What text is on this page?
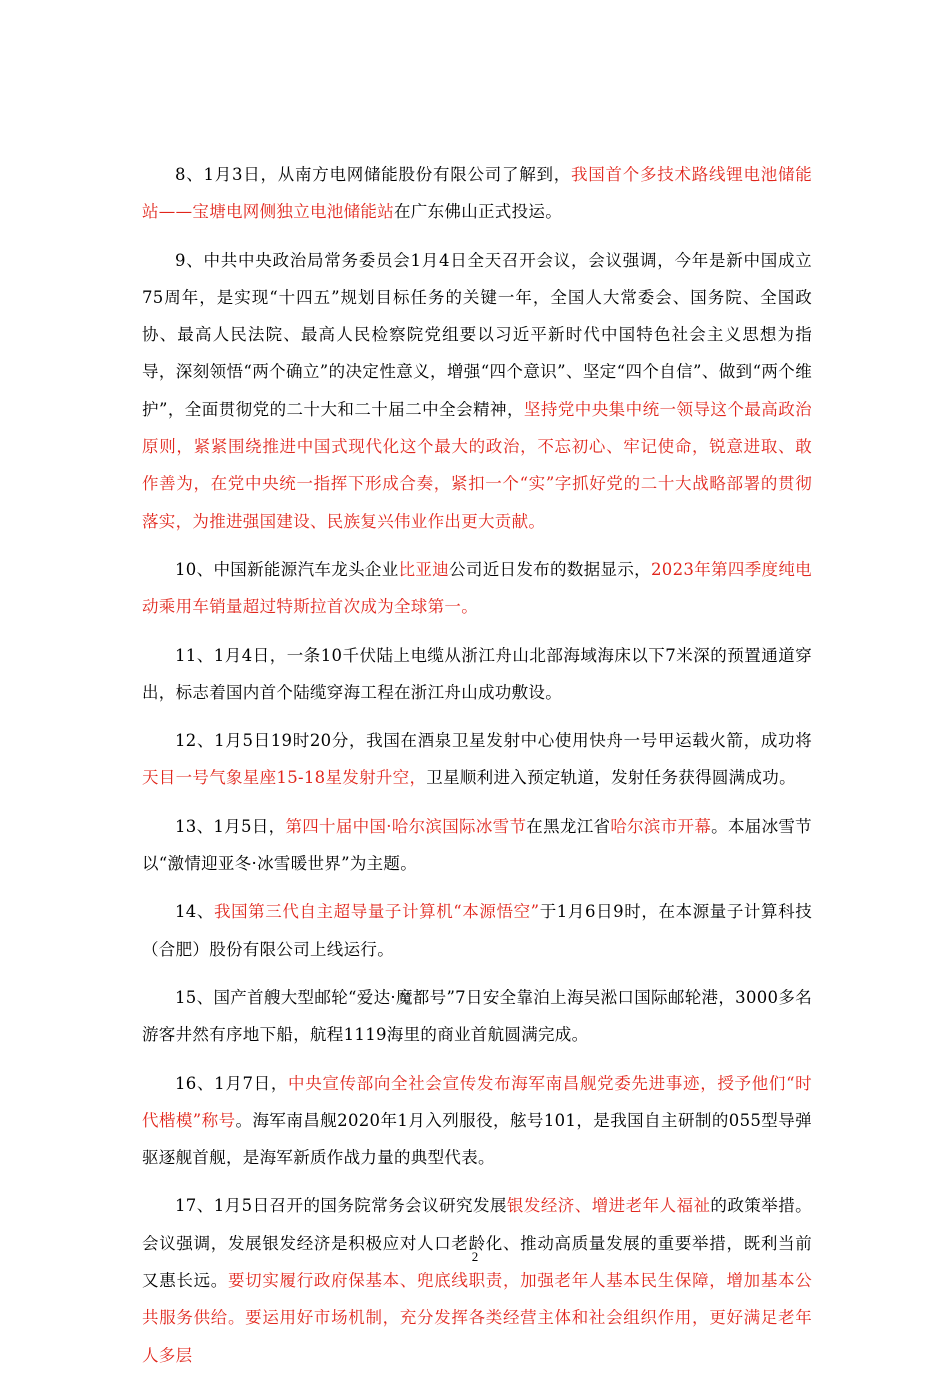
8、1月3日，从南方电网储能股份有限公司了解到，我国首个多技术路线锂电池储能站——宝塘电网侧独立电池储能站在广东佛山正式投运。

9、中共中央政治局常务委员会1月4日全天召开会议，会议强调，今年是新中国成立75周年，是实现“十四五”规划目标任务的关键一年，全国人大常委会、国务院、全国政协、最高人民法院、最高人民检察院党组要以习近平新时代中国特色社会主义思想为指导，深刻领悟“两个确立”的决定性意义，增强“四个意识”、坚定“四个自信”、做到“两个维护”，全面贯彻党的二十大和二十届二中全会精神，坚持党中央集中统一领导这个最高政治原则，紧紧围绕推进中国式现代化这个最大的政治，不忘初心、牢记使命，锐意进取、敢作善为，在党中央统一指挥下形成合奏，紧扣一个“实”字抓好党的二十大战略部署的贯彻落实，为推进强国建设、民族复兴伟业作出更大贡献。

10、中国新能源汽车龙头企业比亚迪公司近日发布的数据显示，2023年第四季度纯电动乘用车销量超过特斯拉首次成为全球第一。

11、1月4日，一条10千伏陆上电缆从浙江舟山北部海域海床以下7米深的预置通道穿出，标志着国内首个陆缆穿海工程在浙江舟山成功敷设。

12、1月5日19时20分，我国在酒泉卫星发射中心使用快舟一号甲运载火箭，成功将天目一号气象星座15-18星发射升空，卫星顺利进入预定轨道，发射任务获得圆满成功。

13、1月5日，第四十届中国·哈尔滨国际冰雪节在黑龙江省哈尔滨市开幕。本届冰雪节以“激情迎亚冬·冰雪暖世界”为主题。

14、我国第三代自主超导量子计算机“本源悟空”于1月6日9时，在本源量子计算科技（合肥）股份有限公司上线运行。

15、国产首艘大型邮轮“爱达·魔都号”7日安全靠泊上海吴淞口国际邮轮港，3000多名游客井然有序地下船，航程1119海里的商业首航圆满完成。

16、1月7日，中央宣传部向全社会宣传发布海军南昌舰党委先进事迹，授予他们“时代楷模”称号。海军南昌舰2020年1月入列服役，舷号101，是我国自主研制的055型导弹驱逐舰首舰，是海军新质作战力量的典型代表。

17、1月5日召开的国务院常务会议研究发展银发经济、增进老年人福祉的政策举措。会议强调，发展银发经济是积极应对人口老龄化、推动高质量发展的重要举措，既利当前又惠长远。要切实履行政府保基本、兜底线职责，加强老年人基本民生保障，增加基本公共服务供给。要运用好市场机制，充分发挥各类经营主体和社会组织作用，更好满足老年人多层

2
